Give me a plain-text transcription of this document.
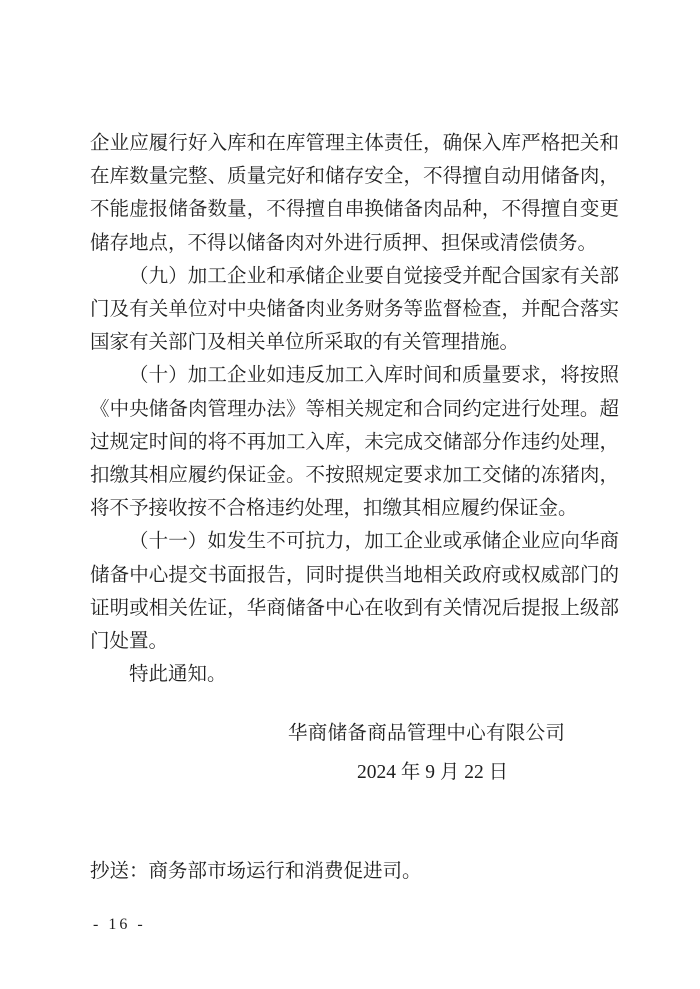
企业应履行好入库和在库管理主体责任，确保入库严格把关和在库数量完整、质量完好和储存安全，不得擅自动用储备肉，不能虚报储备数量，不得擅自串换储备肉品种，不得擅自变更储存地点，不得以储备肉对外进行质押、担保或清偿债务。

（九）加工企业和承储企业要自觉接受并配合国家有关部门及有关单位对中央储备肉业务财务等监督检查，并配合落实国家有关部门及相关单位所采取的有关管理措施。

（十）加工企业如违反加工入库时间和质量要求，将按照《中央储备肉管理办法》等相关规定和合同约定进行处理。超过规定时间的将不再加工入库，未完成交储部分作违约处理，扣缴其相应履约保证金。不按照规定要求加工交储的冻猪肉，将不予接收按不合格违约处理，扣缴其相应履约保证金。

（十一）如发生不可抗力，加工企业或承储企业应向华商储备中心提交书面报告，同时提供当地相关政府或权威部门的证明或相关佐证，华商储备中心在收到有关情况后提报上级部门处置。

特此通知。

华商储备商品管理中心有限公司
2024 年 9 月 22 日
抄送：商务部市场运行和消费促进司。
- 16 -
